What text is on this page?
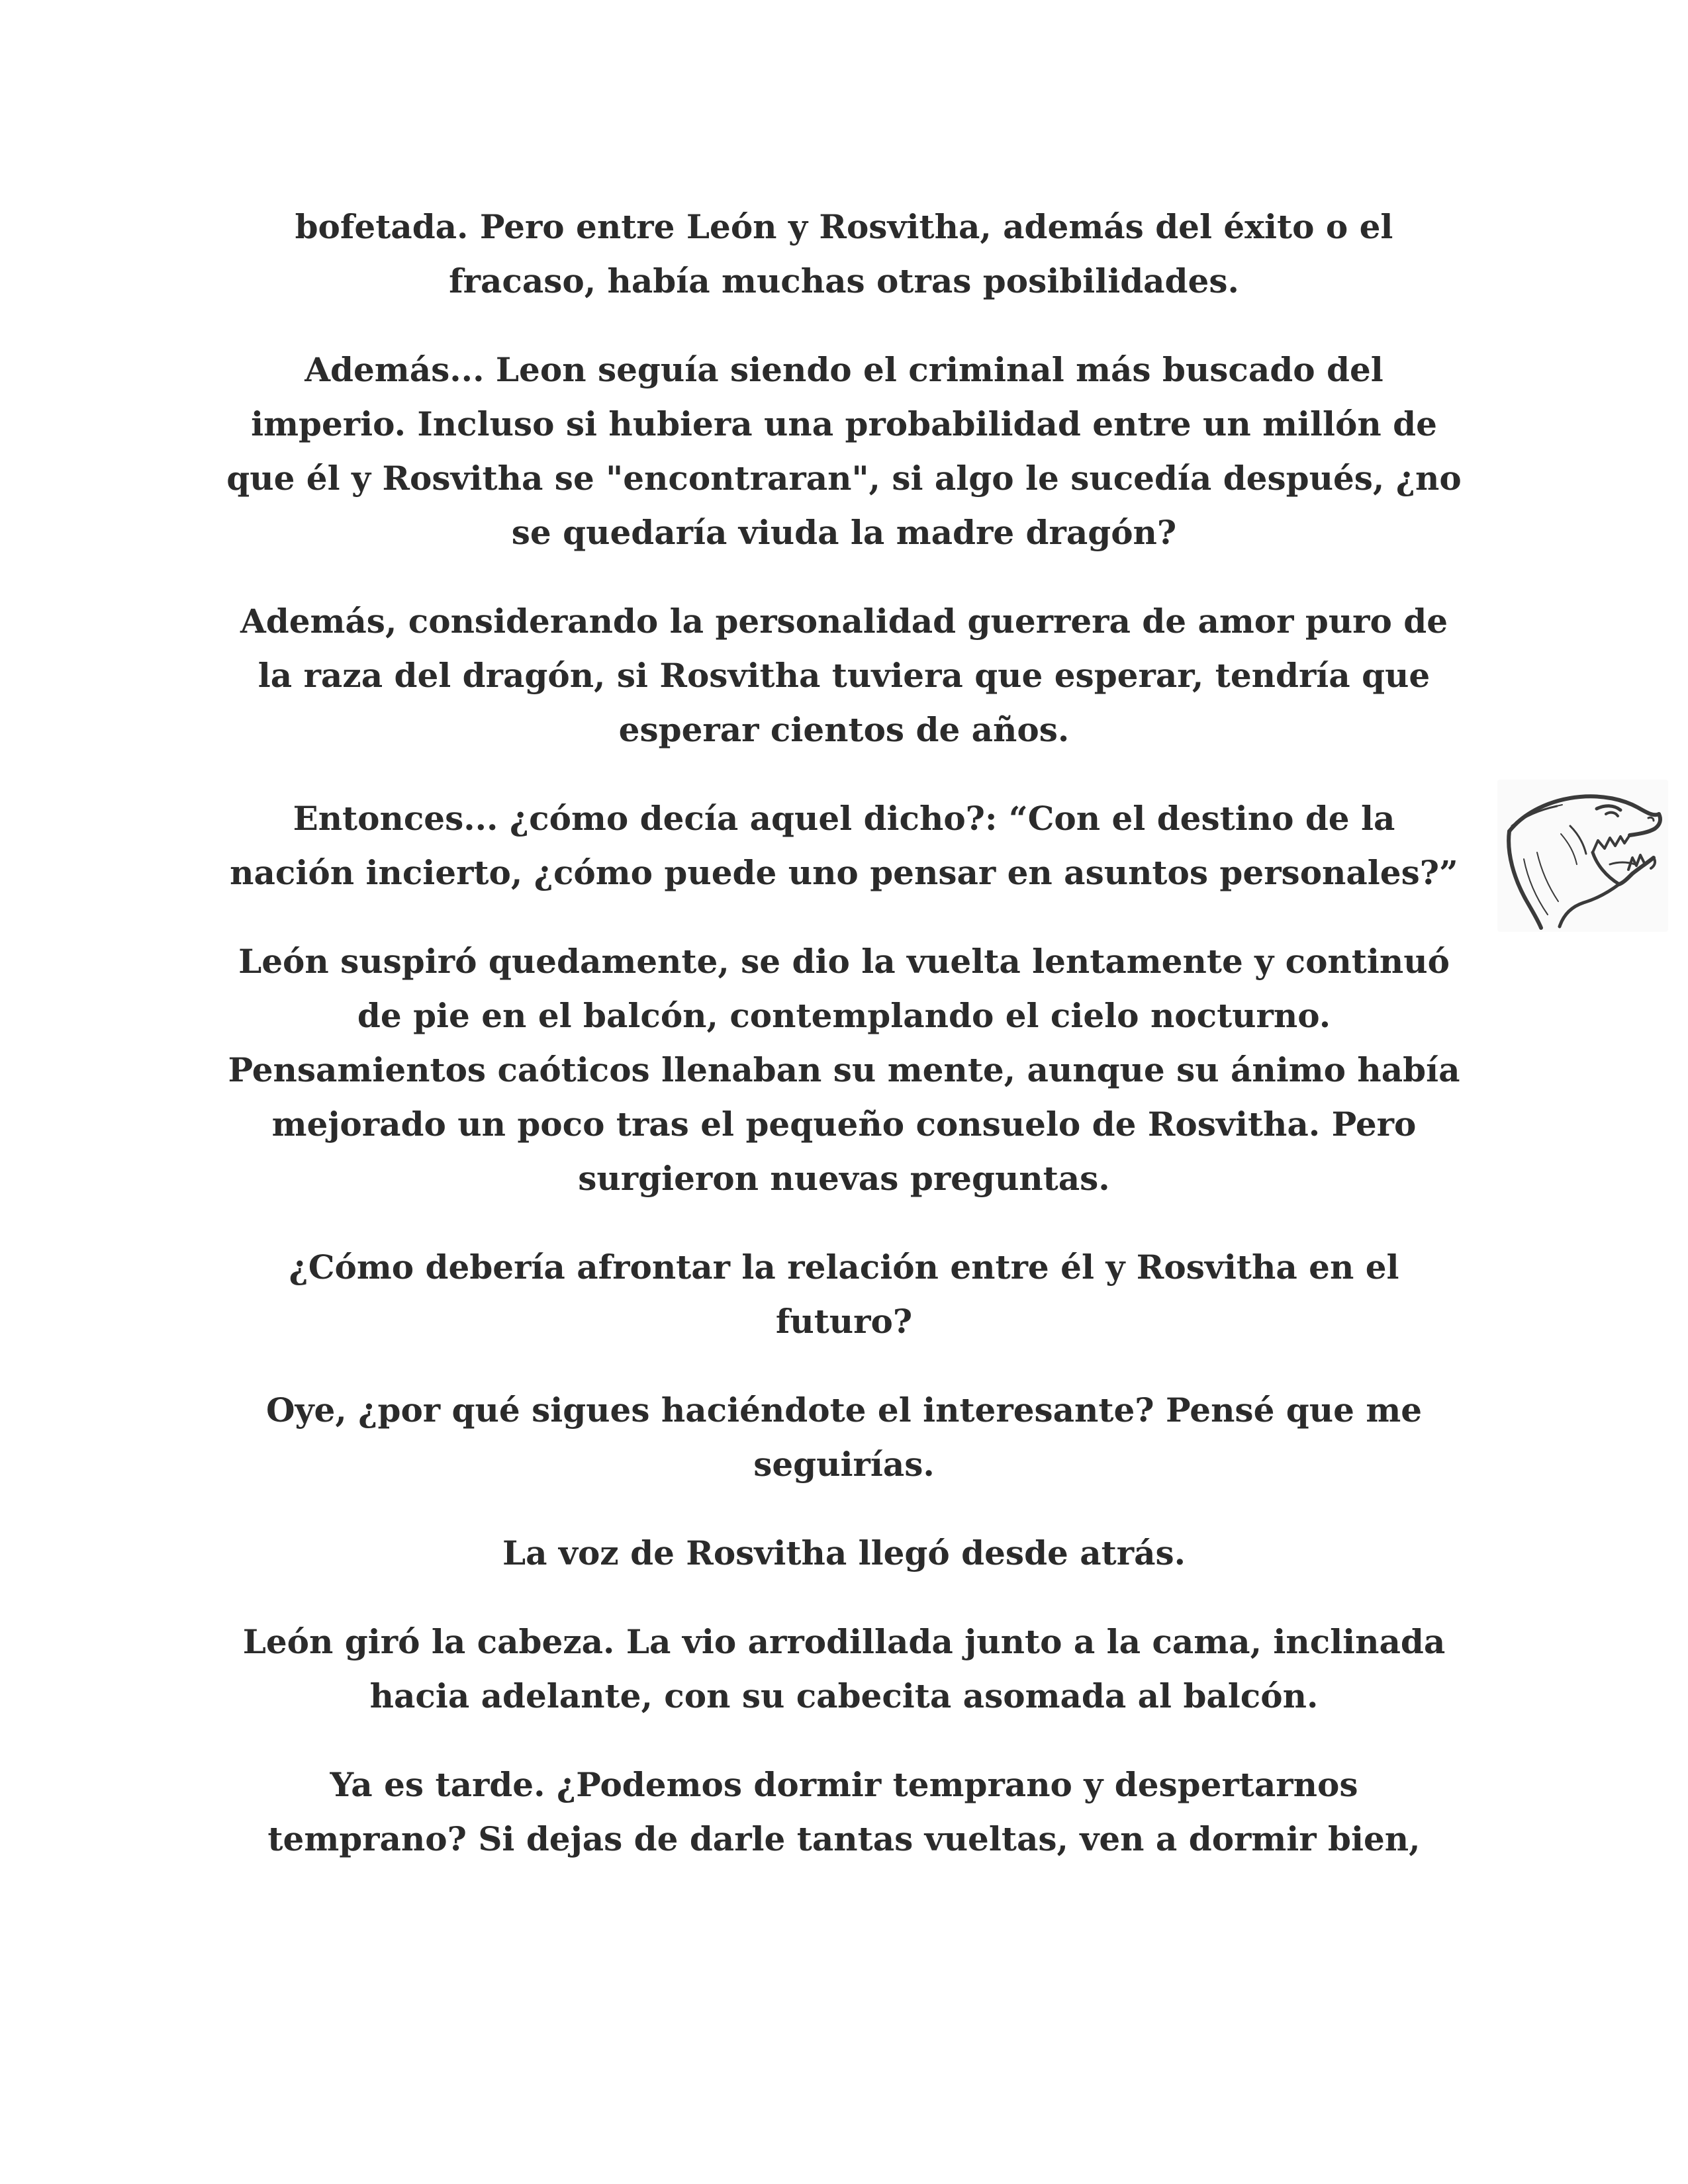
bofetada. Pero entre León y Rosvitha, además del éxito o el fracaso, había muchas otras posibilidades.

Además... Leon seguía siendo el criminal más buscado del imperio. Incluso si hubiera una probabilidad entre un millón de que él y Rosvitha se "encontraran", si algo le sucedía después, ¿no se quedaría viuda la madre dragón?

Además, considerando la personalidad guerrera de amor puro de la raza del dragón, si Rosvitha tuviera que esperar, tendría que esperar cientos de años.

Entonces... ¿cómo decía aquel dicho?: “Con el destino de la nación incierto, ¿cómo puede uno pensar en asuntos personales?”

León suspiró quedamente, se dio la vuelta lentamente y continuó de pie en el balcón, contemplando el cielo nocturno. Pensamientos caóticos llenaban su mente, aunque su ánimo había mejorado un poco tras el pequeño consuelo de Rosvitha. Pero surgieron nuevas preguntas.

¿Cómo debería afrontar la relación entre él y Rosvitha en el futuro?

Oye, ¿por qué sigues haciéndote el interesante? Pensé que me seguirías.

La voz de Rosvitha llegó desde atrás.

León giró la cabeza. La vio arrodillada junto a la cama, inclinada hacia adelante, con su cabecita asomada al balcón.

Ya es tarde. ¿Podemos dormir temprano y despertarnos temprano? Si dejas de darle tantas vueltas, ven a dormir bien,
